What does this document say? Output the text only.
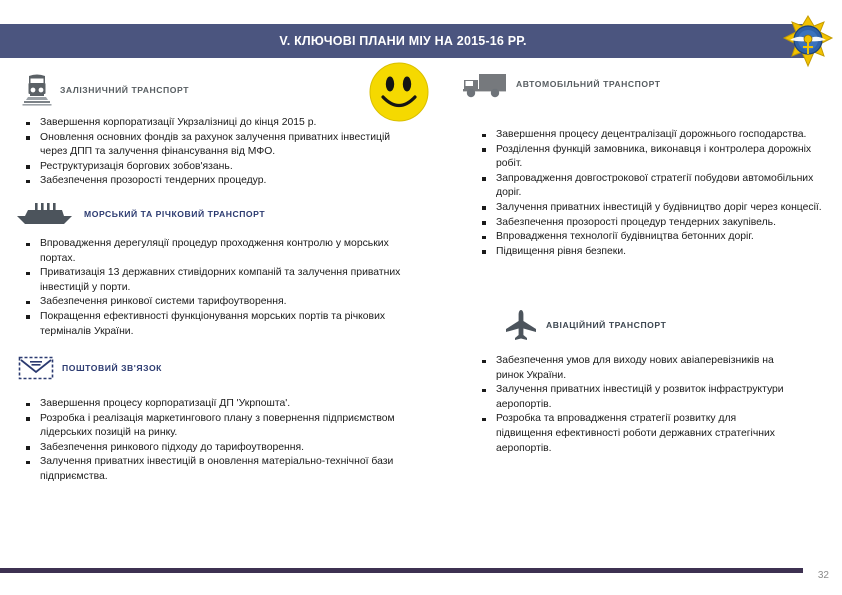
V. КЛЮЧОВІ ПЛАНИ МІУ НА 2015-16 РР.
АВТОМОБІЛЬНИЙ ТРАНСПОРТ
ЗАЛІЗНИЧНИЙ ТРАНСПОРТ
Завершення корпоратизації Укрзалізниці до кінця 2015 р.
Оновлення основних фондів за рахунок залучення приватних інвестицій через ДПП та залучення фінансування від МФО.
Реструктуризація боргових зобов'язань.
Забезпечення прозоростi тендерних процедур.
МОРСЬКИЙ ТА РІЧКОВИЙ ТРАНСПОРТ
Впровадження дерегуляції процедур проходження контролю у морських портах.
Приватизація 13 державних стивідорних компаній та залучення приватних інвестицій у порти.
Забезпечення ринкової системи тарифоутворення.
Покращення ефективності функціонування морських портів та річкових терміналів України.
ПОШТОВИЙ ЗВ'ЯЗОК
Завершення процесу корпоратизації ДП 'Укрпошта'.
Розробка і реалізація маркетингового плану з повернення підприємством лідерських позицій на ринку.
Забезпечення ринкового підходу до тарифоутворення.
Залучення приватних інвестицій в оновлення матеріально-технічної бази підприємства.
Завершення процесу децентралізації дорожнього господарства.
Розділення функцій замовника, виконавця і контролера дорожніх робіт.
Запровадження довгострокової стратегії побудови автомобільних доріг.
Залучення приватних інвестицій у будівництво доріг через концесії.
Забезпечення прозоростi процедур тендерних закупівель.
Впровадження технології будівництва бетонних доріг.
Підвищення рівня безпеки.
АВІАЦІЙНИЙ ТРАНСПОРТ
Забезпечення умов для виходу нових авіаперевізників на ринок України.
Залучення приватних інвестицій у розвиток інфраструктури аеропортів.
Розробка та впровадження стратегії розвитку для підвищення ефективності роботи державних стратегічних аеропортів.
32
